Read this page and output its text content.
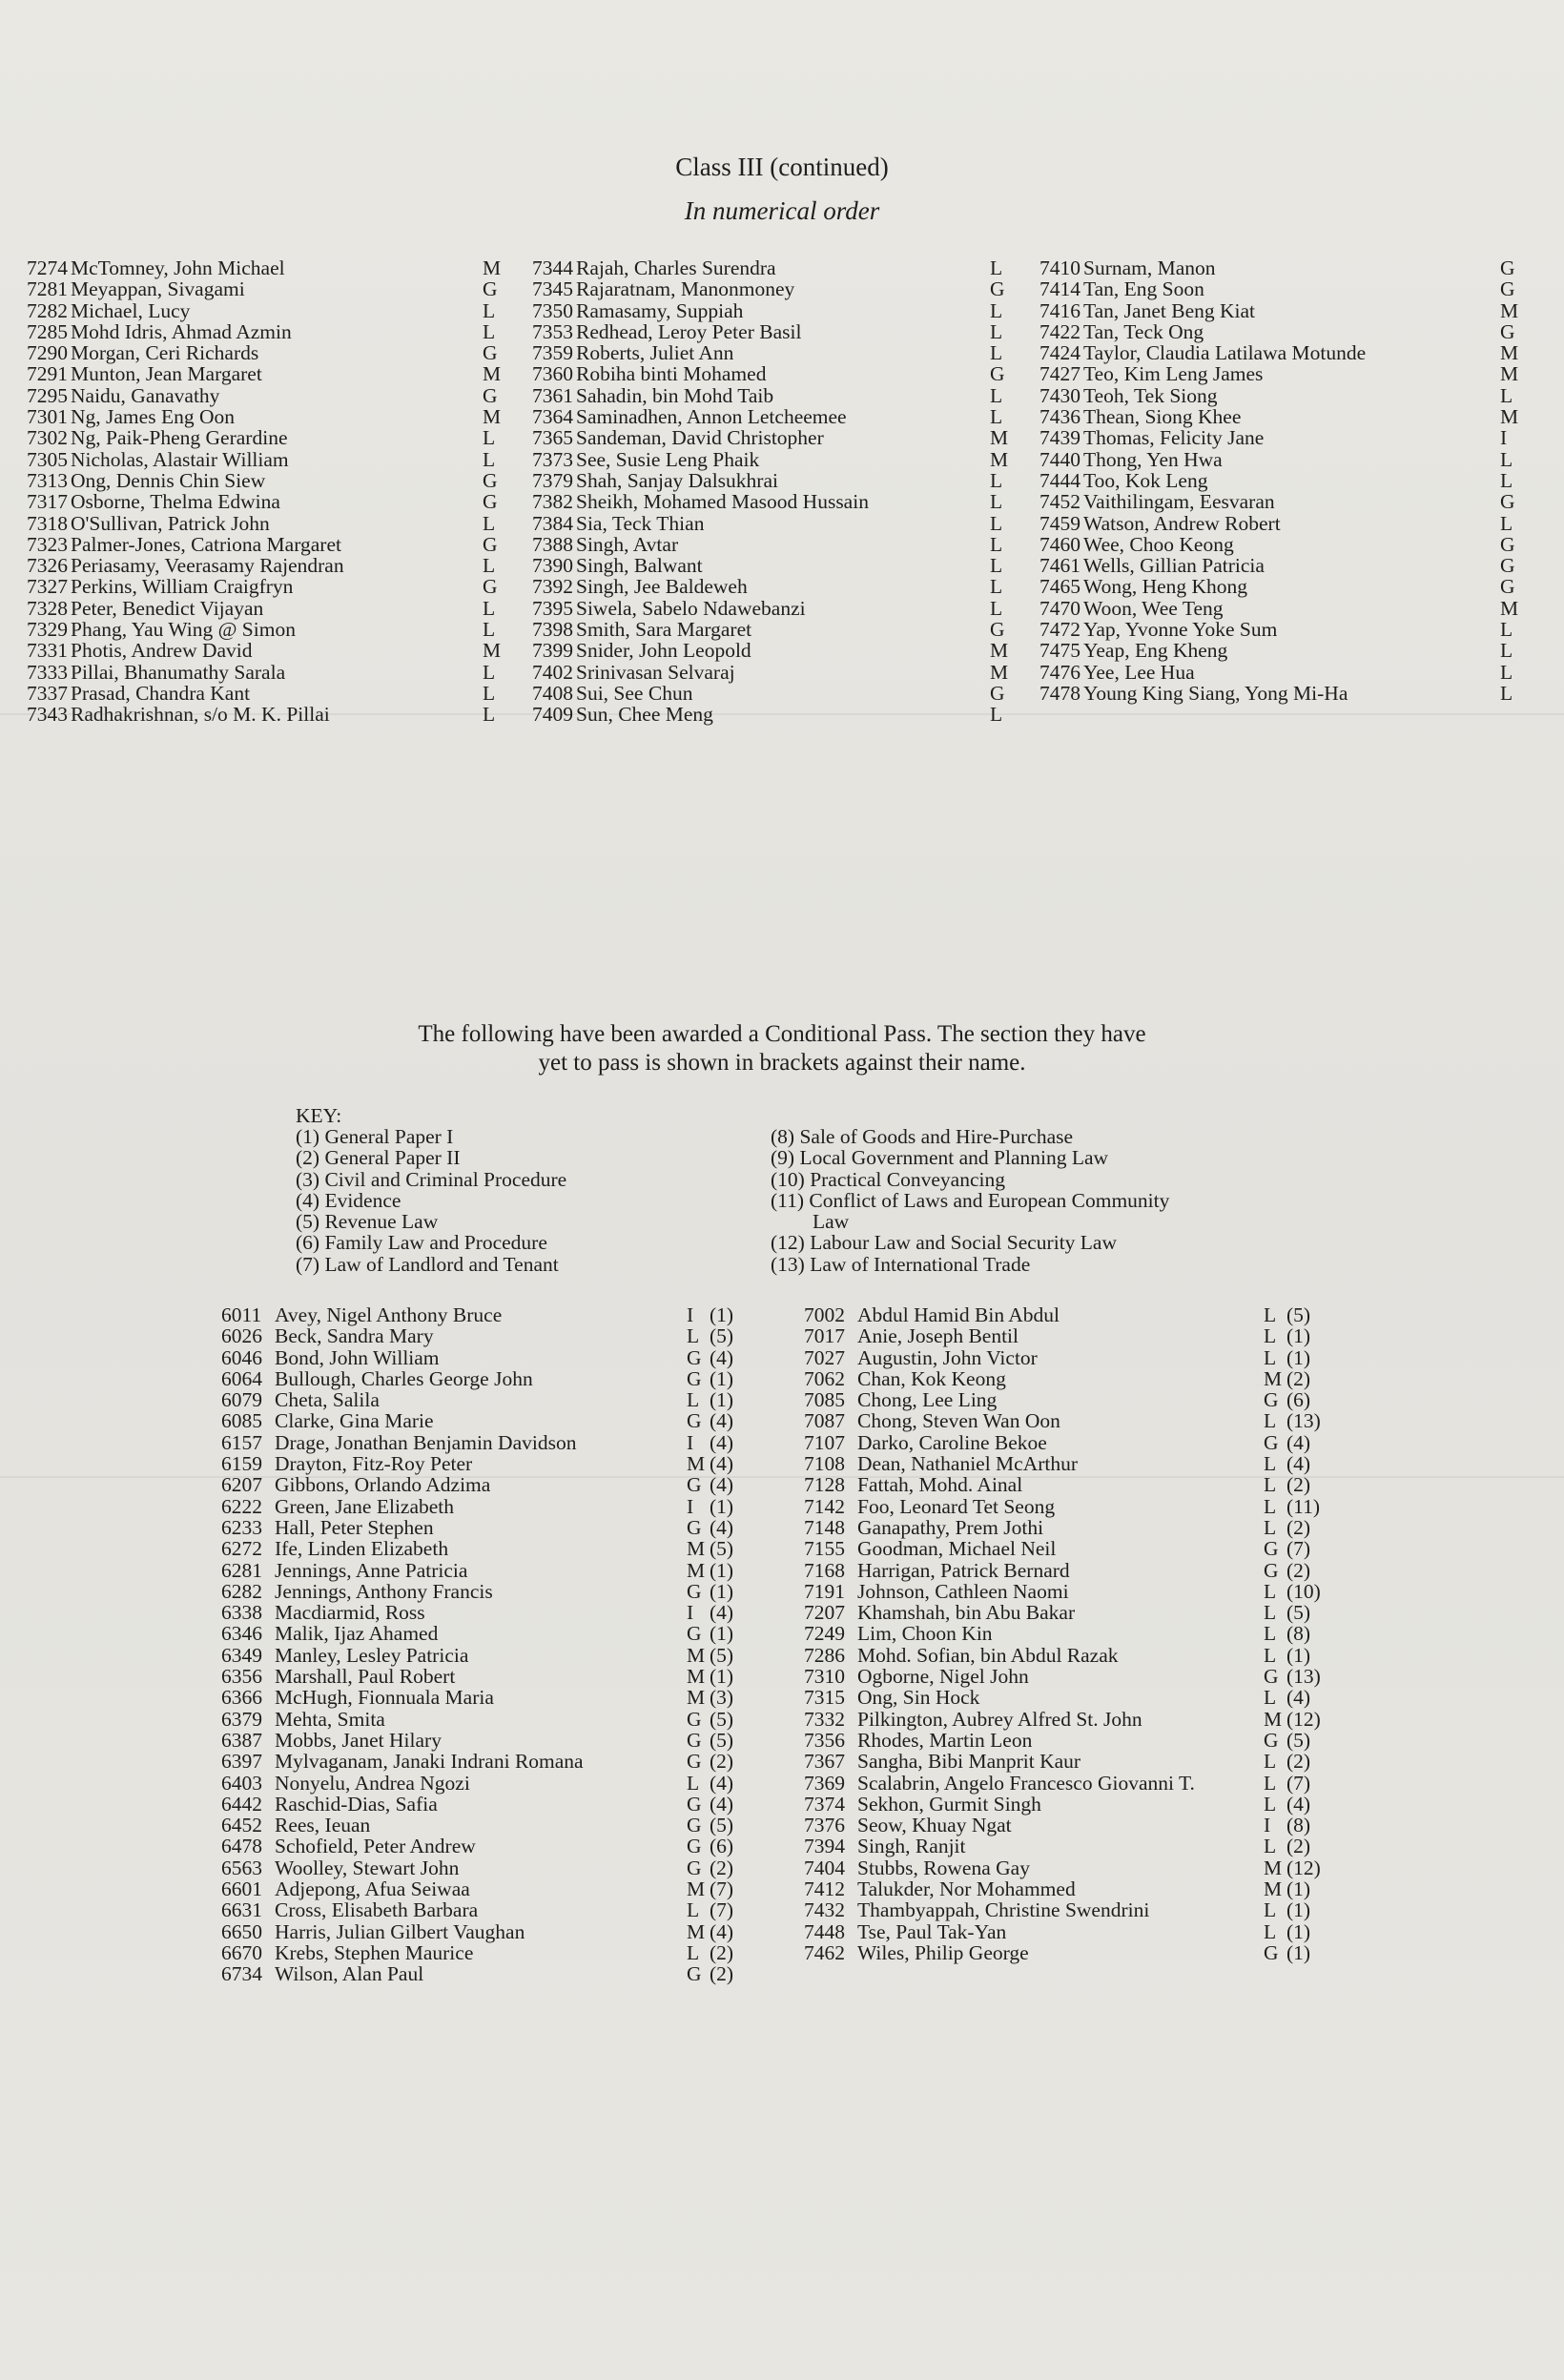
Class III (continued)
In numerical order
7274 McTomney, John Michael	M
7281 Meyappan, Sivagami	G
7282 Michael, Lucy	L
7285 Mohd Idris, Ahmad Azmin	L
7290 Morgan, Ceri Richards	G
7291 Munton, Jean Margaret	M
7295 Naidu, Ganavathy	G
7301 Ng, James Eng Oon	M
7302 Ng, Paik-Pheng Gerardine	L
7305 Nicholas, Alastair William	L
7313 Ong, Dennis Chin Siew	G
7317 Osborne, Thelma Edwina	G
7318 O'Sullivan, Patrick John	L
7323 Palmer-Jones, Catriona Margaret	G
7326 Periasamy, Veerasamy Rajendran	L
7327 Perkins, William Craigfryn	G
7328 Peter, Benedict Vijayan	L
7329 Phang, Yau Wing @ Simon	L
7331 Photis, Andrew David	M
7333 Pillai, Bhanumathy Sarala	L
7337 Prasad, Chandra Kant	L
7343 Radhakrishnan, s/o M. K. Pillai	L
7344 Rajah, Charles Surendra	L
7345 Rajaratnam, Manonmoney	G
7350 Ramasamy, Suppiah	L
7353 Redhead, Leroy Peter Basil	L
7359 Roberts, Juliet Ann	L
7360 Robiha binti Mohamed	G
7361 Sahadin, bin Mohd Taib	L
7364 Saminadhen, Annon Letcheemee	L
7365 Sandeman, David Christopher	M
7373 See, Susie Leng Phaik	M
7379 Shah, Sanjay Dalsukhrai	L
7382 Sheikh, Mohamed Masood Hussain	L
7384 Sia, Teck Thian	L
7388 Singh, Avtar	L
7390 Singh, Balwant	L
7392 Singh, Jee Baldeweh	L
7395 Siwela, Sabelo Ndawebanzi	L
7398 Smith, Sara Margaret	G
7399 Snider, John Leopold	M
7402 Srinivasan Selvaraj	M
7408 Sui, See Chun	G
7409 Sun, Chee Meng	L
7410 Surnam, Manon	G
7414 Tan, Eng Soon	G
7416 Tan, Janet Beng Kiat	M
7422 Tan, Teck Ong	G
7424 Taylor, Claudia Latilawa Motunde	M
7427 Teo, Kim Leng James	M
7430 Teoh, Tek Siong	L
7436 Thean, Siong Khee	M
7439 Thomas, Felicity Jane	I
7440 Thong, Yen Hwa	L
7444 Too, Kok Leng	L
7452 Vaithilingam, Eesvaran	G
7459 Watson, Andrew Robert	L
7460 Wee, Choo Keong	G
7461 Wells, Gillian Patricia	G
7465 Wong, Heng Khong	G
7470 Woon, Wee Teng	M
7472 Yap, Yvonne Yoke Sum	L
7475 Yeap, Eng Kheng	L
7476 Yee, Lee Hua	L
7478 Young King Siang, Yong Mi-Ha	L
The following have been awarded a Conditional Pass. The section they have
yet to pass is shown in brackets against their name.
KEY:
(1) General Paper I
(2) General Paper II
(3) Civil and Criminal Procedure
(4) Evidence
(5) Revenue Law
(6) Family Law and Procedure
(7) Law of Landlord and Tenant
(8) Sale of Goods and Hire-Purchase
(9) Local Government and Planning Law
(10) Practical Conveyancing
(11) Conflict of Laws and European Community
Law
(12) Labour Law and Social Security Law
(13) Law of International Trade
6011 Avey, Nigel Anthony Bruce	I (1)
6026 Beck, Sandra Mary	L (5)
6046 Bond, John William	G (4)
6064 Bullough, Charles George John	G (1)
6079 Cheta, Salila	L (1)
6085 Clarke, Gina Marie	G (4)
6157 Drage, Jonathan Benjamin Davidson	I (4)
6159 Drayton, Fitz-Roy Peter	M (4)
6207 Gibbons, Orlando Adzima	G (4)
6222 Green, Jane Elizabeth	I (1)
6233 Hall, Peter Stephen	G (4)
6272 Ife, Linden Elizabeth	M (5)
6281 Jennings, Anne Patricia	M (1)
6282 Jennings, Anthony Francis	G (1)
6338 Macdiarmid, Ross	I (4)
6346 Malik, Ijaz Ahamed	G (1)
6349 Manley, Lesley Patricia	M (5)
6356 Marshall, Paul Robert	M (1)
6366 McHugh, Fionnuala Maria	M (3)
6379 Mehta, Smita	G (5)
6387 Mobbs, Janet Hilary	G (5)
6397 Mylvaganam, Janaki Indrani Romana	G (2)
6403 Nonyelu, Andrea Ngozi	L (4)
6442 Raschid-Dias, Safia	G (4)
6452 Rees, Ieuan	G (5)
6478 Schofield, Peter Andrew	G (6)
6563 Woolley, Stewart John	G (2)
6601 Adjepong, Afua Seiwaa	M (7)
6631 Cross, Elisabeth Barbara	L (7)
6650 Harris, Julian Gilbert Vaughan	M (4)
6670 Krebs, Stephen Maurice	L (2)
6734 Wilson, Alan Paul	G (2)
7002 Abdul Hamid Bin Abdul	L (5)
7017 Anie, Joseph Bentil	L (1)
7027 Augustin, John Victor	L (1)
7062 Chan, Kok Keong	M (2)
7085 Chong, Lee Ling	G (6)
7087 Chong, Steven Wan Oon	L (13)
7107 Darko, Caroline Bekoe	G (4)
7108 Dean, Nathaniel McArthur	L (4)
7128 Fattah, Mohd. Ainal	L (2)
7142 Foo, Leonard Tet Seong	L (11)
7148 Ganapathy, Prem Jothi	L (2)
7155 Goodman, Michael Neil	G (7)
7168 Harrigan, Patrick Bernard	G (2)
7191 Johnson, Cathleen Naomi	L (10)
7207 Khamshah, bin Abu Bakar	L (5)
7249 Lim, Choon Kin	L (8)
7286 Mohd. Sofian, bin Abdul Razak	L (1)
7310 Ogborne, Nigel John	G (13)
7315 Ong, Sin Hock	L (4)
7332 Pilkington, Aubrey Alfred St. John	M (12)
7356 Rhodes, Martin Leon	G (5)
7367 Sangha, Bibi Manprit Kaur	L (2)
7369 Scalabrin, Angelo Francesco Giovanni T.	L (7)
7374 Sekhon, Gurmit Singh	L (4)
7376 Seow, Khuay Ngat	I (8)
7394 Singh, Ranjit	L (2)
7404 Stubbs, Rowena Gay	M (12)
7412 Talukder, Nor Mohammed	M (1)
7432 Thambyappah, Christine Swendrini	L (1)
7448 Tse, Paul Tak-Yan	L (1)
7462 Wiles, Philip George	G (1)
